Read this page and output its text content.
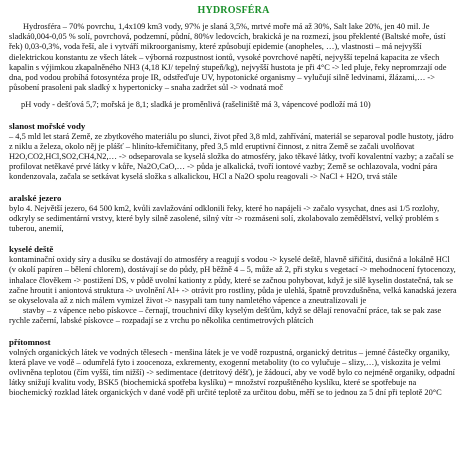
HYDROSFÉRA

Hydrosféra – 70% povrchu, 1,4x109 km3 vody, 97% je slaná 3,5%, mrtvé moře má až 30%, Salt lake 20%, jen 40 mil. Je sladká0,004-0,05 % solí, povrchová, podzemní, půdní, 80%v ledovcích, brakická je na rozmezí, jsou překlenté (Baltské moře, ústí řek) 0,03-0,3%, voda řeší, ale i vytváří mikroorganismy, které způsobují epidemie (anopheles, …), vlastnosti – má nejvyšší dielektrickou konstantu ze všech látek – výborná rozpustnost iontů, vysoké povrchové napětí, nejvyšší tepelná kapacita ze všech kapalin s výjimkou zkapalněného NH3 (4,18 KJ/ tepelný stupeň/kg), nejvyšší hustota je při 4°C -> led pluje, řeky nepromrzají ode dna, pod vodou probíhá fotosyntéza proje IR, odstřeďuje UV, hypotonické organismy – vylučují silně ledvinami, žlázami,… -> působení prasoleni pak sladký x hypertonicky – snaha zadržet sůl -> vodnatá moč

pH vody - dešťová 5,7; mořská je 8,1; sladká je proměnlivá (rašeliniště má 3, vápencové podloží má 10)

slanost mořské vody

– 4,5 mld let stará Země, ze zbytkového materiálu po slunci, život před 3,8 mld, zahřívání, materiál se separoval podle hustoty, jádro z niklu a železa, okolo něj je plášť – hliníto-křemičitany, před 3,5 mld eruptivní činnost, z nitra Země se začali uvolňovat H2O,CO2,HCl,SO2,CH4,N2,… -> odseparovala se kyselá složka do atmosféry, jako těkavé látky, tvoří kovalentní vazby; a začalí se profilovat netěkavé prvé látky v kůře, Na2O,CaO,… -> půda je alkalická, tvoří iontové vazby; Země se ochlazovala, vodní pára kondenzovala, začala se setkávat kyselá složka s alkalickou, HCl a Na2O spolu reagovali -> NaCl + H2O, trvá stále

aralské jezero

bylo 4. Největší jezero, 64 500 km2, kvůli zavlažování odklonili řeky, které ho napájeli -> začalo vysychat, dnes asi 1/5 rozlohy, odkryly se sedimentární vrstvy, které byly silně zasolené, silný vítr -> rozmáseni solí, zkolabovalo zemědělství, velký problém s tuberou, anemií,

kyselé deště

kontaminační oxidy síry a dusíku se dostávají do atmosféry a reagují s vodou -> kyselé deště, hlavně siřičitá, dusičná a lokálně HCl (v okolí papíren – bělení chlorem), dostávají se do půdy, pH běžně 4 – 5, může až 2, při styku s vegetací -> mehodnocení fytocenozy, inhalace člověkem -> postižení DS, v půdě uvolní kationty z půdy, které se začnou pohybovat, když je silě kyselin dostatečná, tak se začne hroutit i aniontová struktura -> uvolnění Al+ -> otrávit pro rostliny, půda je ulehlá, špatně provzdušněna, velká kanadská jezera se okyselovala až z nich málem vymizel život -> nasypali tam tuny namletého vápence a zneutralizovali je

stavby – z vápence nebo pískovce – černají, trouchniví díky kyselým dešťům, když se dělají renovační práce, tak se pak zase rychle začerní, labské pískovce – rozpadají se z vrchu po několika centimetrových plátcích

přítomnost

volných organických látek ve vodných tělesech - menšina látek je ve vodě rozpustná, organický detritus – jemné částečky organiky, která plave ve vodě – odumřelá fyto i zoocenoza, exkrementy, exogenní metabolity (to co vylučuje – slizy,…), viskozita je velmi ovlivněna teplotou (čím vyšší, tím nižší) -> sedimentace (detritový déšť), je žádoucí, aby ve vodě bylo co nejméně organiky, odpadní látky snižují kvalitu vody, BSK5 (biochemická spotřeba kyslíku) = množství rozpuštěného kyslíku, které se spotřebuje na biochemický rozklad látek organických v dané vodě při určité teplotě za určitou dobu, měří se to jednou za 5 dní při teplotě 20°C
